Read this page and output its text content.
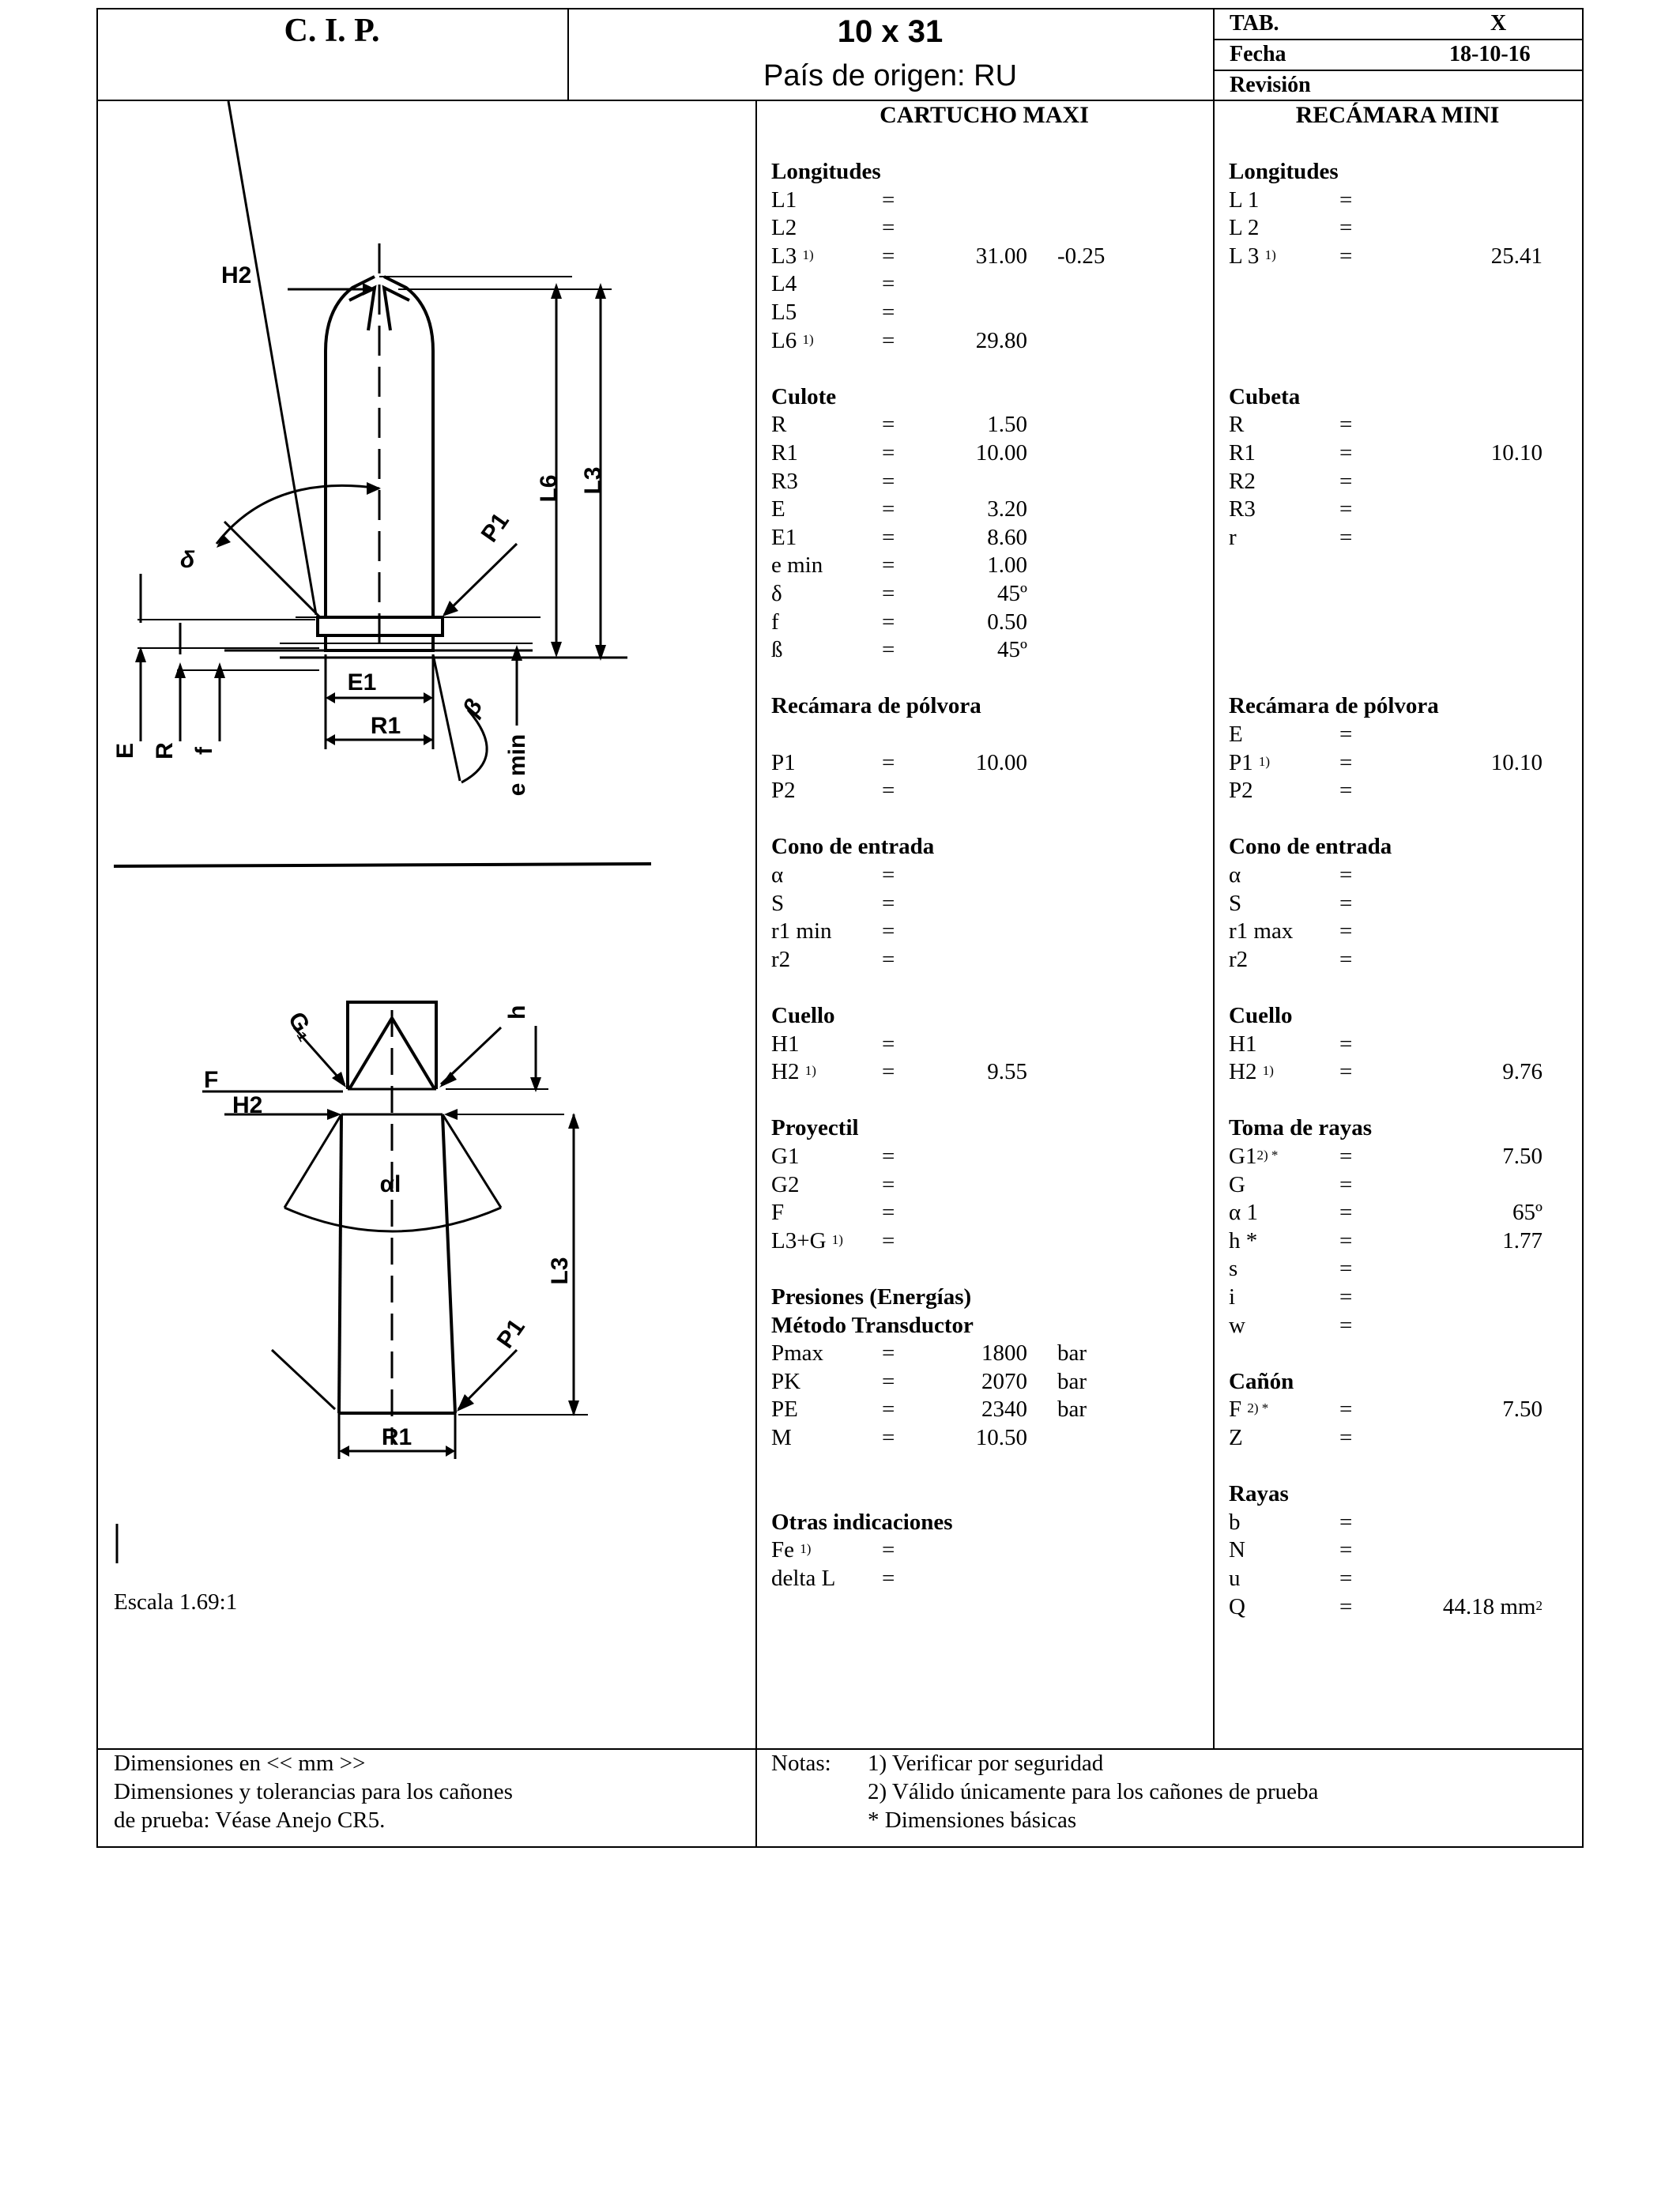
C. I. P.	10 x 31
País de origen: RU
TAB.	X
Fecha	18-10-16
Revisión
CARTUCHO MAXI	RECÁMARA MINI
Longitudes
L1	=
L2	=
L3 $^{1)}$	=	31.00 -0.25
L4	=
L5	=
L6 $^{1)}$	=	29.80
Culote
R	=	1.50
R1	=	10.00
R3	=
E	=	3.20
E1	=	8.60
e min	=	1.00
δ	=	45º
f	=	0.50
ß	=	45º
Recámara de pólvora
P1	=	10.00
P2	=
Cono de entrada
α	=
S	=
r1 min =
r2	=
Cuello
H1	=
H2 $^{1)}$	=	9.55
Proyectil
G1	=
G2	=
F	=
L3+G $^{1)}$ =
Presiones (Energías)
Método Transductor
Pmax	=	1800 bar
PK	=	2070 bar
PE	=	2340 bar
M	=	10.50
Otras indicaciones
Fe $^{1)}$	=
delta L =
Longitudes
L 1	=
L 2	=
L 3 $^{1)}$	=	25.41
Cubeta
R	=
R1	=	10.10
R2	=
R3	=
r	=
Recámara de pólvora
E	=
P1 $^{1)}$	=	10.10
P2	=
Cono de entrada
α	=
S	=
r1 max =
r2	=
Cuello
H1	=
H2 $^{1)}$	=	9.76
Toma de rayas
$G1^{2) *}$	=	7.50
G	=
α 1	=	65º
h *	=	1.77
s	=
i	=
w	=
Cañón
F $^{2) *}$	=	7.50
Z	=
Rayas
b	=
N	=
u	=
Q	=	44.18 $mm^2$
H2
L6 L3
δ
P1
E1
R1
β
e min
E R f
G₁	h
F
H2
αl
L3
P1
R1
Escala 1.69:1
Dimensiones en << mm >>
Dimensiones y tolerancias para los cañones
de prueba: Véase Anejo CR5.
Notas: 1) Verificar por seguridad
2) Válido únicamente para los cañones de prueba
* Dimensiones básicas
